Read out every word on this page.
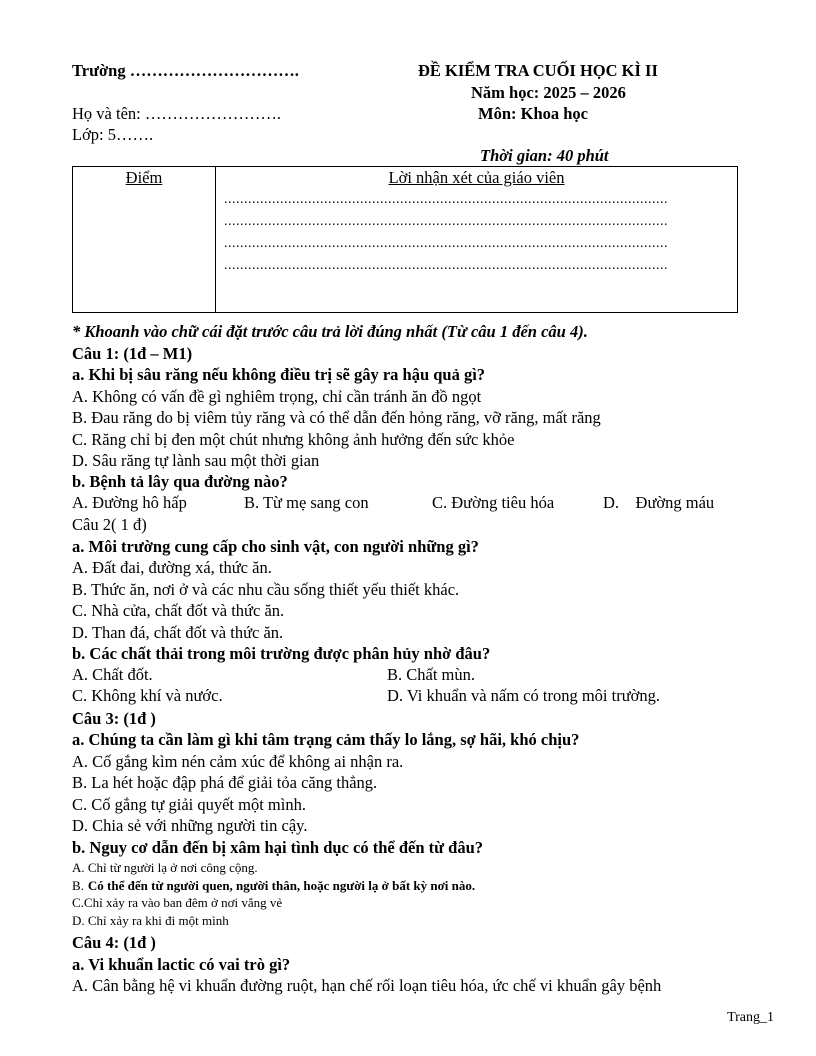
Trường ………………………….	ĐỀ KIỂM TRA CUỐI HỌC KÌ II
Năm học: 2025 – 2026
Họ và tên: …………………….	Môn: Khoa học
Lớp: 5…….
Thời gian: 40 phút
Điểm	Lời nhận xét của giáo viên
...............................................................................................................
...............................................................................................................
...............................................................................................................
...............................................................................................................
* Khoanh vào chữ cái đặt trước câu trả lời đúng nhất (Từ câu 1 đến câu 4).
Câu 1: (1đ – M1)
a. Khi bị sâu răng nếu không điều trị sẽ gây ra hậu quả gì?
A. Không có vấn đề gì nghiêm trọng, chỉ cần tránh ăn đồ ngọt
B. Đau răng do bị viêm tủy răng và có thể dẫn đến hỏng răng, vỡ răng, mất răng
C. Răng chỉ bị đen một chút nhưng không ảnh hưởng đến sức khỏe
D. Sâu răng tự lành sau một thời gian
b. Bệnh tả lây qua đường nào?
A. Đường hô hấp	B. Từ mẹ sang con	C. Đường tiêu hóa	D.    Đường máu
Câu 2( 1 đ)
a. Môi trường cung cấp cho sinh vật, con người những gì?
A. Đất đai, đường xá, thức ăn.
B. Thức ăn, nơi ở và các nhu cầu sống thiết yếu thiết khác.
C. Nhà cửa, chất đốt và thức ăn.
D. Than đá, chất đốt và thức ăn.
b. Các chất thải trong môi trường được phân hủy nhờ đâu?
A. Chất đốt.	B. Chất mùn.
C. Không khí và nước.	D. Vi khuẩn và nấm có trong môi trường.
Câu 3: (1đ )
a. Chúng ta cần làm gì khi tâm trạng cảm thấy lo lắng, sợ hãi, khó chịu?
A. Cố gắng kìm nén cảm xúc để không ai nhận ra.
B. La hét hoặc đập phá để giải tỏa căng thẳng.
C. Cố gắng tự giải quyết một mình.
D. Chia sẻ với những người tin cậy.
b. Nguy cơ dẫn đến bị xâm hại tình dục có thể đến từ đâu?
A. Chỉ từ người lạ ở nơi công cộng.
B. Có thể đến từ người quen, người thân, hoặc người lạ ở bất kỳ nơi nào.
C.Chỉ xảy ra vào ban đêm ở nơi vắng vẻ
D. Chỉ xảy ra khi đi một mình
Câu 4: (1đ )
a. Vi khuẩn lactic có vai trò gì?
A. Cân bằng hệ vi khuẩn đường ruột, hạn chế rối loạn tiêu hóa, ức chế vi khuẩn gây bệnh
Trang_1
